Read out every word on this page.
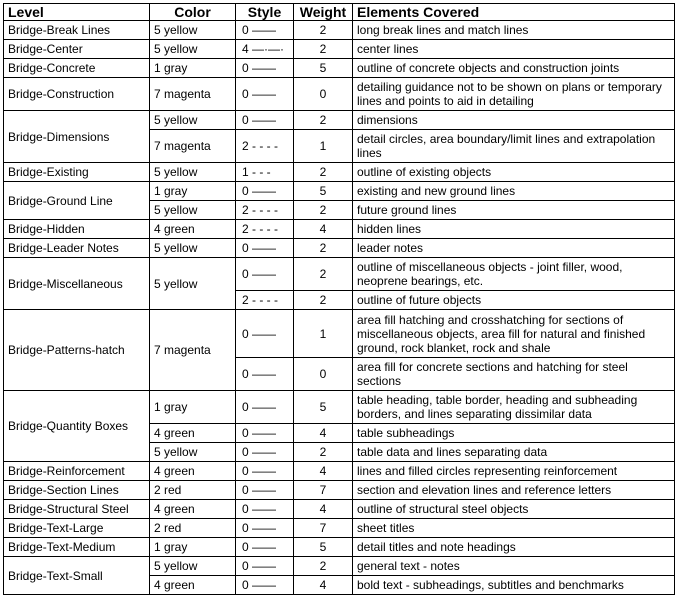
Level	Color	Style	Weight	Elements Covered
Bridge-Break Lines	5 yellow	0 ——	2	long break lines and match lines
Bridge-Center	5 yellow	4 —·—·	2	center lines
Bridge-Concrete	1 gray	0 ——	5	outline of concrete objects and construction joints
Bridge-Construction	7 magenta	0 ——	0	detailing guidance not to be shown on plans or temporary lines and points to aid in detailing
Bridge-Dimensions	5 yellow	0 ——	2	dimensions
	7 magenta	2 - - - -	1	detail circles, area boundary/limit lines and extrapolation lines
Bridge-Existing	5 yellow	1 - - -	2	outline of existing objects
Bridge-Ground Line	1 gray	0 ——	5	existing and new ground lines
	5 yellow	2 - - - -	2	future ground lines
Bridge-Hidden	4 green	2 - - - -	4	hidden lines
Bridge-Leader Notes	5 yellow	0 ——	2	leader notes
Bridge-Miscellaneous	5 yellow	0 ——	2	outline of miscellaneous objects - joint filler, wood, neoprene bearings, etc.
		2 - - - -	2	outline of future objects
Bridge-Patterns-hatch	7 magenta	0 ——	1	area fill hatching and crosshatching for sections of miscellaneous objects, area fill for natural and finished ground, rock blanket, rock and shale
		0 ——	0	area fill for concrete sections and hatching for steel sections
Bridge-Quantity Boxes	1 gray	0 ——	5	table heading, table border, heading and subheading borders, and lines separating dissimilar data
	4 green	0 ——	4	table subheadings
	5 yellow	0 ——	2	table data and lines separating data
Bridge-Reinforcement	4 green	0 ——	4	lines and filled circles representing reinforcement
Bridge-Section Lines	2 red	0 ——	7	section and elevation lines and reference letters
Bridge-Structural Steel	4 green	0 ——	4	outline of structural steel objects
Bridge-Text-Large	2 red	0 ——	7	sheet titles
Bridge-Text-Medium	1 gray	0 ——	5	detail titles and note headings
Bridge-Text-Small	5 yellow	0 ——	2	general text - notes
	4 green	0 ——	4	bold text - subheadings, subtitles and benchmarks
